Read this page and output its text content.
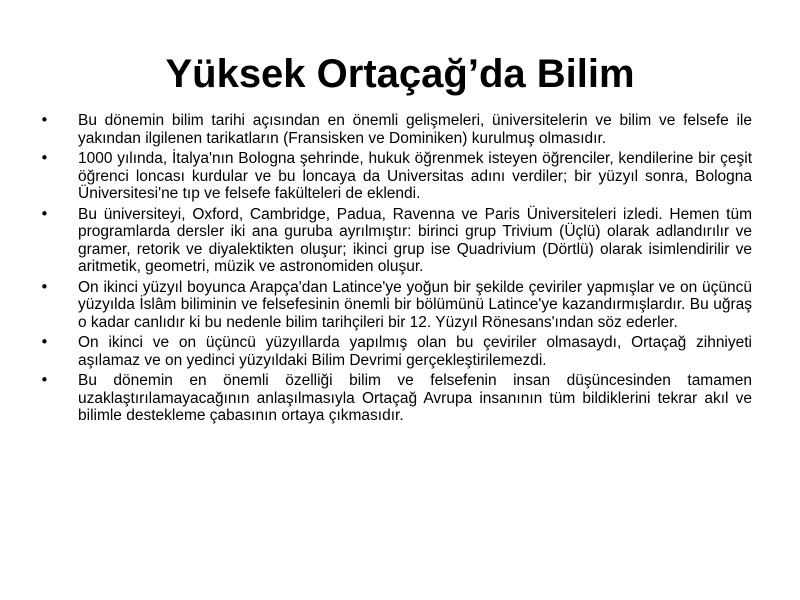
Yüksek Ortaçağ’da Bilim
•	Bu dönemin bilim tarihi açısından en önemli gelişmeleri, üniversitelerin ve bilim ve felsefe ile yakından ilgilenen tarikatların (Fransisken ve Dominiken) kurulmuş olmasıdır.
•	1000 yılında, İtalya'nın Bologna şehrinde, hukuk öğrenmek isteyen öğrenciler, kendilerine bir çeşit öğrenci loncası kurdular ve bu loncaya da Universitas adını verdiler; bir yüzyıl sonra, Bologna Üniversitesi'ne tıp ve felsefe fakülteleri de eklendi.
•	Bu üniversiteyi, Oxford, Cambridge, Padua, Ravenna ve Paris Üniversiteleri izledi. Hemen tüm programlarda dersler iki ana guruba ayrılmıştır: birinci grup Trivium (Üçlü) olarak adlandırılır ve gramer, retorik ve diyalektikten oluşur; ikinci grup ise Quadrivium (Dörtlü) olarak isimlendirilir ve aritmetik, geometri, müzik ve astronomiden oluşur.
•	On ikinci yüzyıl boyunca Arapça'dan Latince'ye yoğun bir şekilde çeviriler yapmışlar ve on üçüncü yüzyılda İslâm biliminin ve felsefesinin önemli bir bölümünü Latince'ye kazandırmışlardır. Bu uğraş o kadar canlıdır ki bu nedenle bilim tarihçileri bir 12. Yüzyıl Rönesans'ından söz ederler.
•	On ikinci ve on üçüncü yüzyıllarda yapılmış olan bu çeviriler olmasaydı, Ortaçağ zihniyeti aşılamaz ve on yedinci yüzyıldaki Bilim Devrimi gerçekleştirilemezdi.
•	Bu dönemin en önemli özelliği bilim ve felsefenin insan düşüncesinden tamamen uzaklaştırılamayacağının anlaşılmasıyla Ortaçağ Avrupa insanının tüm bildiklerini tekrar akıl ve bilimle destekleme çabasının ortaya çıkmasıdır.
